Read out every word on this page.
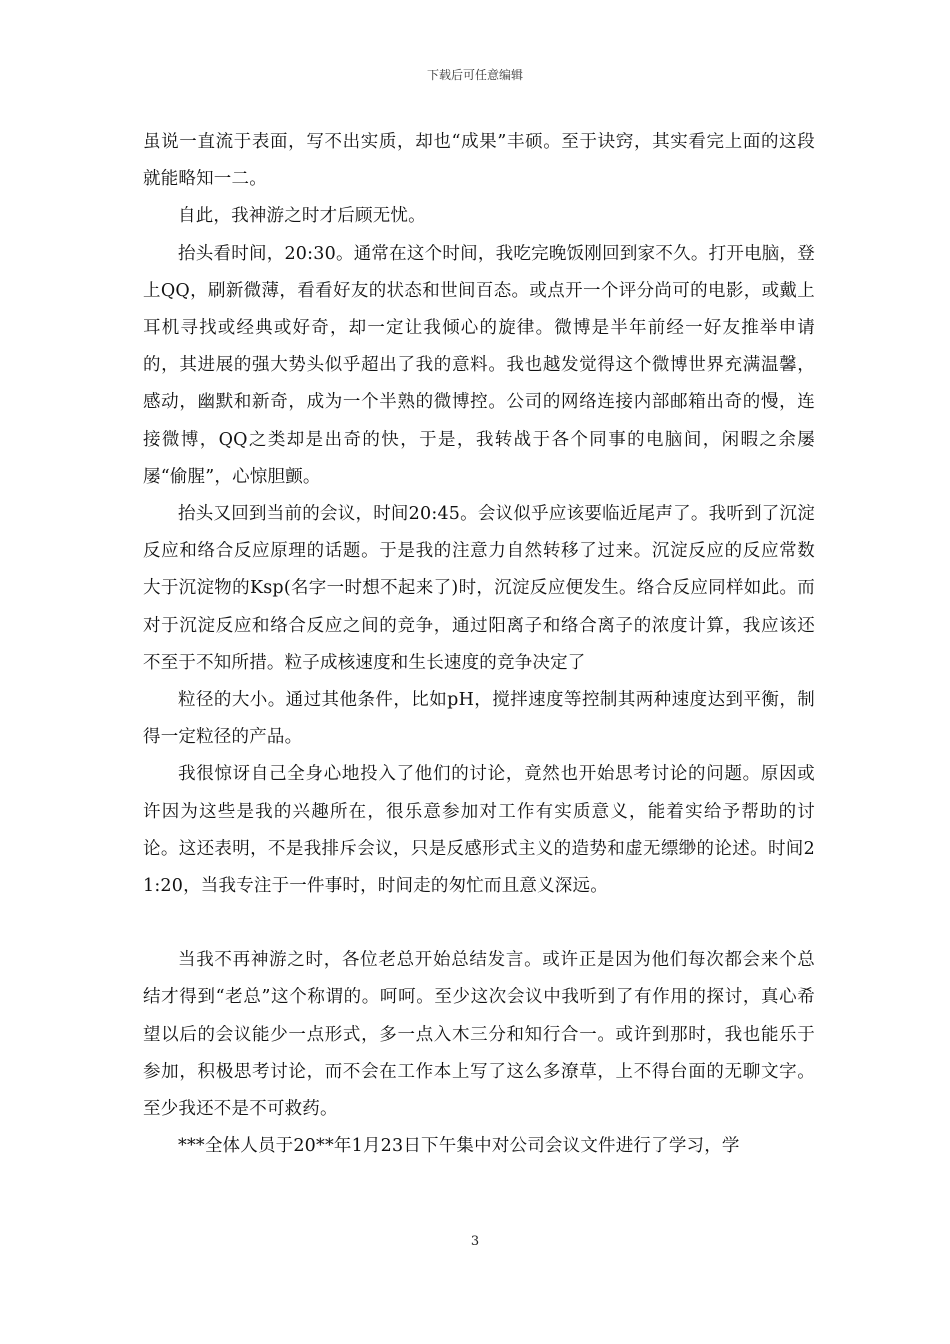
下载后可任意编辑

虽说一直流于表面，写不出实质，却也“成果”丰硕。至于诀窍，其实看完上面的这段就能略知一二。

自此，我神游之时才后顾无忧。

抬头看时间，20:30。通常在这个时间，我吃完晚饭刚回到家不久。打开电脑，登上QQ，刷新微薄，看看好友的状态和世间百态。或点开一个评分尚可的电影，或戴上耳机寻找或经典或好奇，却一定让我倾心的旋律。微博是半年前经一好友推举申请的，其进展的强大势头似乎超出了我的意料。我也越发觉得这个微博世界充满温馨，感动，幽默和新奇，成为一个半熟的微博控。公司的网络连接内部邮箱出奇的慢，连接微博，QQ之类却是出奇的快，于是，我转战于各个同事的电脑间，闲暇之余屡屡“偷腥”，心惊胆颤。

抬头又回到当前的会议，时间20:45。会议似乎应该要临近尾声了。我听到了沉淀反应和络合反应原理的话题。于是我的注意力自然转移了过来。沉淀反应的反应常数大于沉淀物的Ksp(名字一时想不起来了)时，沉淀反应便发生。络合反应同样如此。而对于沉淀反应和络合反应之间的竞争，通过阳离子和络合离子的浓度计算，我应该还不至于不知所措。粒子成核速度和生长速度的竞争决定了

粒径的大小。通过其他条件，比如pH，搅拌速度等控制其两种速度达到平衡，制得一定粒径的产品。

我很惊讶自己全身心地投入了他们的讨论，竟然也开始思考讨论的问题。原因或许因为这些是我的兴趣所在，很乐意参加对工作有实质意义，能着实给予帮助的讨论。这还表明，不是我排斥会议，只是反感形式主义的造势和虚无缥缈的论述。时间21:20，当我专注于一件事时，时间走的匆忙而且意义深远。

当我不再神游之时，各位老总开始总结发言。或许正是因为他们每次都会来个总结才得到“老总”这个称谓的。呵呵。至少这次会议中我听到了有作用的探讨，真心希望以后的会议能少一点形式，多一点入木三分和知行合一。或许到那时，我也能乐于参加，积极思考讨论，而不会在工作本上写了这么多潦草，上不得台面的无聊文字。至少我还不是不可救药。

***全体人员于20**年1月23日下午集中对公司会议文件进行了学习，学

3
